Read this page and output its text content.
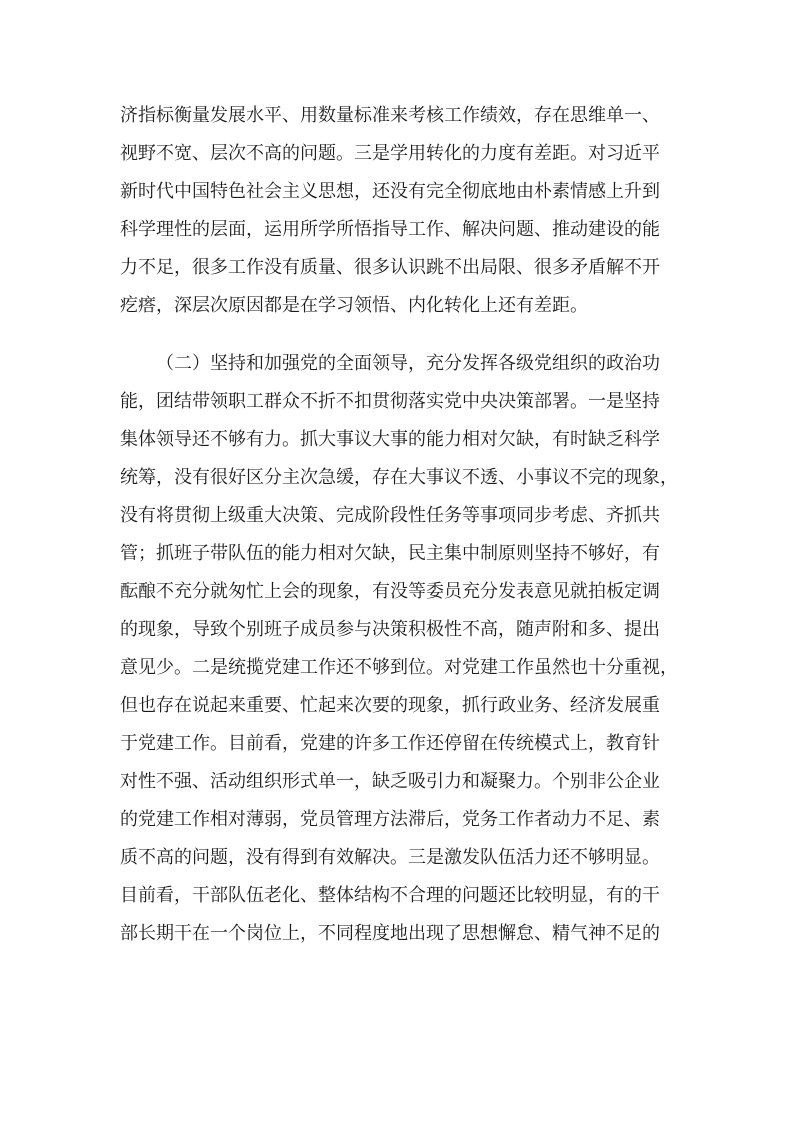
济指标衡量发展水平、用数量标准来考核工作绩效，存在思维单一、
视野不宽、层次不高的问题。三是学用转化的力度有差距。对习近平
新时代中国特色社会主义思想，还没有完全彻底地由朴素情感上升到
科学理性的层面，运用所学所悟指导工作、解决问题、推动建设的能
力不足，很多工作没有质量、很多认识跳不出局限、很多矛盾解不开
疙瘩，深层次原因都是在学习领悟、内化转化上还有差距。
（二）坚持和加强党的全面领导，充分发挥各级党组织的政治功
能，团结带领职工群众不折不扣贯彻落实党中央决策部署。一是坚持
集体领导还不够有力。抓大事议大事的能力相对欠缺，有时缺乏科学
统筹，没有很好区分主次急缓，存在大事议不透、小事议不完的现象，
没有将贯彻上级重大决策、完成阶段性任务等事项同步考虑、齐抓共
管；抓班子带队伍的能力相对欠缺，民主集中制原则坚持不够好，有
酝酿不充分就匆忙上会的现象，有没等委员充分发表意见就拍板定调
的现象，导致个别班子成员参与决策积极性不高，随声附和多、提出
意见少。二是统揽党建工作还不够到位。对党建工作虽然也十分重视，
但也存在说起来重要、忙起来次要的现象，抓行政业务、经济发展重
于党建工作。目前看，党建的许多工作还停留在传统模式上，教育针
对性不强、活动组织形式单一，缺乏吸引力和凝聚力。个别非公企业
的党建工作相对薄弱，党员管理方法滞后，党务工作者动力不足、素
质不高的问题，没有得到有效解决。三是激发队伍活力还不够明显。
目前看，干部队伍老化、整体结构不合理的问题还比较明显，有的干
部长期干在一个岗位上，不同程度地出现了思想懈怠、精气神不足的
